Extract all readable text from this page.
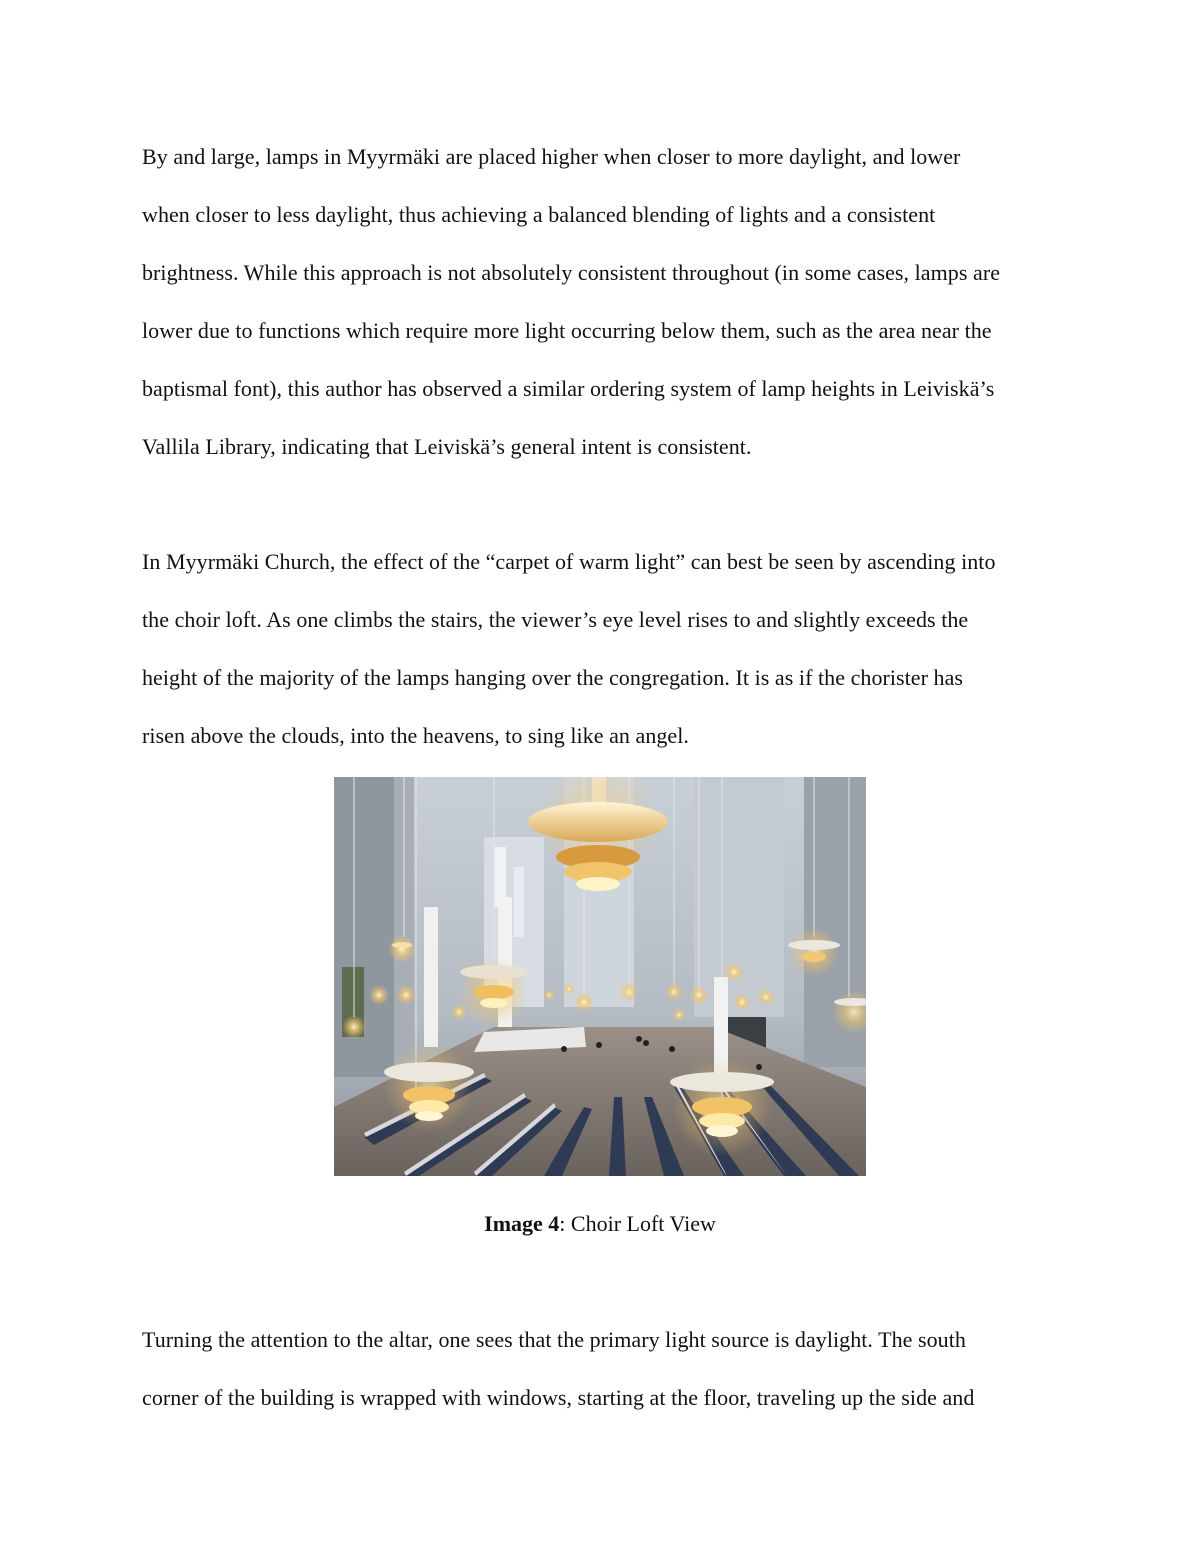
By and large, lamps in Myyrmäki are placed higher when closer to more daylight, and lower
when closer to less daylight, thus achieving a balanced blending of lights and a consistent
brightness. While this approach is not absolutely consistent throughout (in some cases, lamps are
lower due to functions which require more light occurring below them, such as the area near the
baptismal font), this author has observed a similar ordering system of lamp heights in Leiviskä’s
Vallila Library, indicating that Leiviskä’s general intent is consistent.

In Myyrmäki Church, the effect of the “carpet of warm light” can best be seen by ascending into
the choir loft. As one climbs the stairs, the viewer’s eye level rises to and slightly exceeds the
height of the majority of the lamps hanging over the congregation. It is as if the chorister has
risen above the clouds, into the heavens, to sing like an angel.

Image 4: Choir Loft View

Turning the attention to the altar, one sees that the primary light source is daylight. The south
corner of the building is wrapped with windows, starting at the floor, traveling up the side and
